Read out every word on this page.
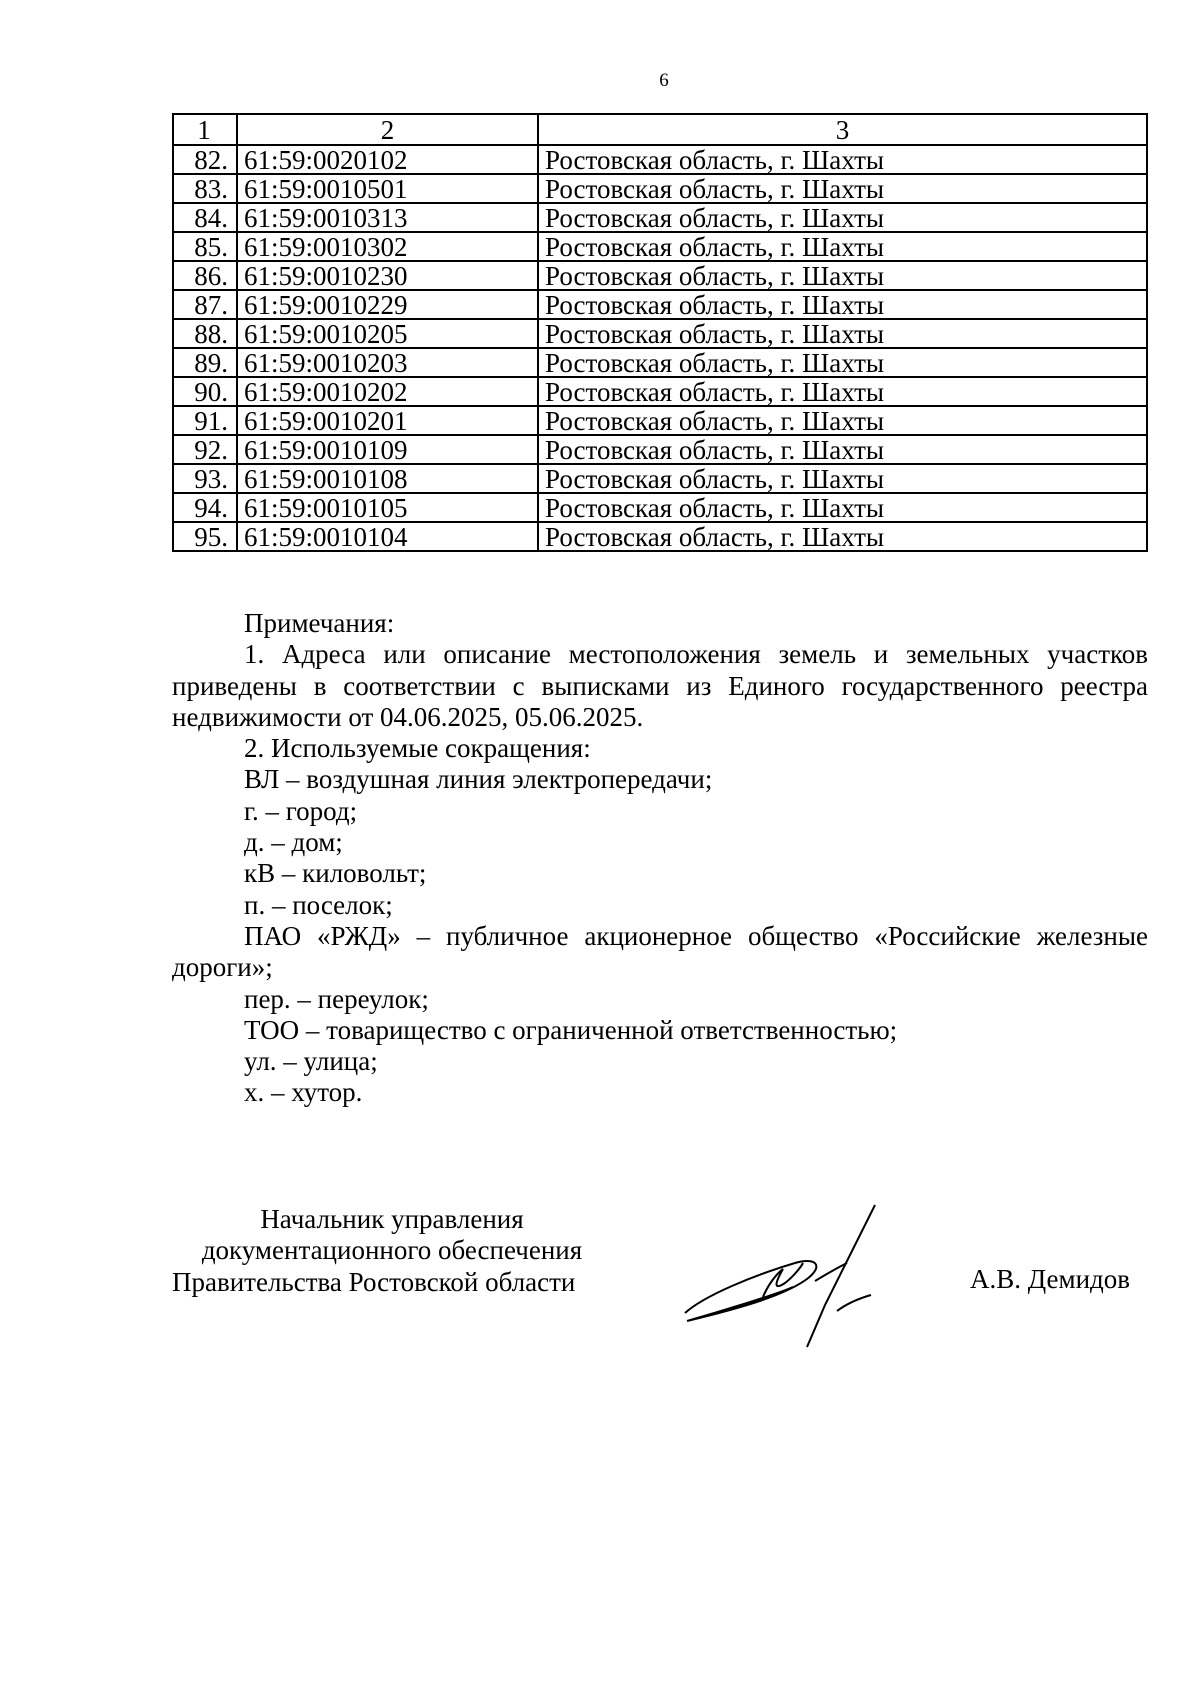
6
1	2	3
82.	61:59:0020102	Ростовская область, г. Шахты
83.	61:59:0010501	Ростовская область, г. Шахты
84.	61:59:0010313	Ростовская область, г. Шахты
85.	61:59:0010302	Ростовская область, г. Шахты
86.	61:59:0010230	Ростовская область, г. Шахты
87.	61:59:0010229	Ростовская область, г. Шахты
88.	61:59:0010205	Ростовская область, г. Шахты
89.	61:59:0010203	Ростовская область, г. Шахты
90.	61:59:0010202	Ростовская область, г. Шахты
91.	61:59:0010201	Ростовская область, г. Шахты
92.	61:59:0010109	Ростовская область, г. Шахты
93.	61:59:0010108	Ростовская область, г. Шахты
94.	61:59:0010105	Ростовская область, г. Шахты
95.	61:59:0010104	Ростовская область, г. Шахты

Примечания:

1. Адреса или описание местоположения земель и земельных участков

приведены в соответствии с выписками из Единого государственного реестра

недвижимости от 04.06.2025, 05.06.2025.

2. Используемые сокращения:

ВЛ – воздушная линия электропередачи;

г. – город;

д. – дом;

кВ – киловольт;

п. – поселок;

ПАО «РЖД» – публичное акционерное общество «Российские железные

дороги»;

пер. – переулок;

ТОО – товарищество с ограниченной ответственностью;

ул. – улица;

х. – хутор.

Начальник управления
документационного обеспечения
Правительства Ростовской области	А.В. Демидов
